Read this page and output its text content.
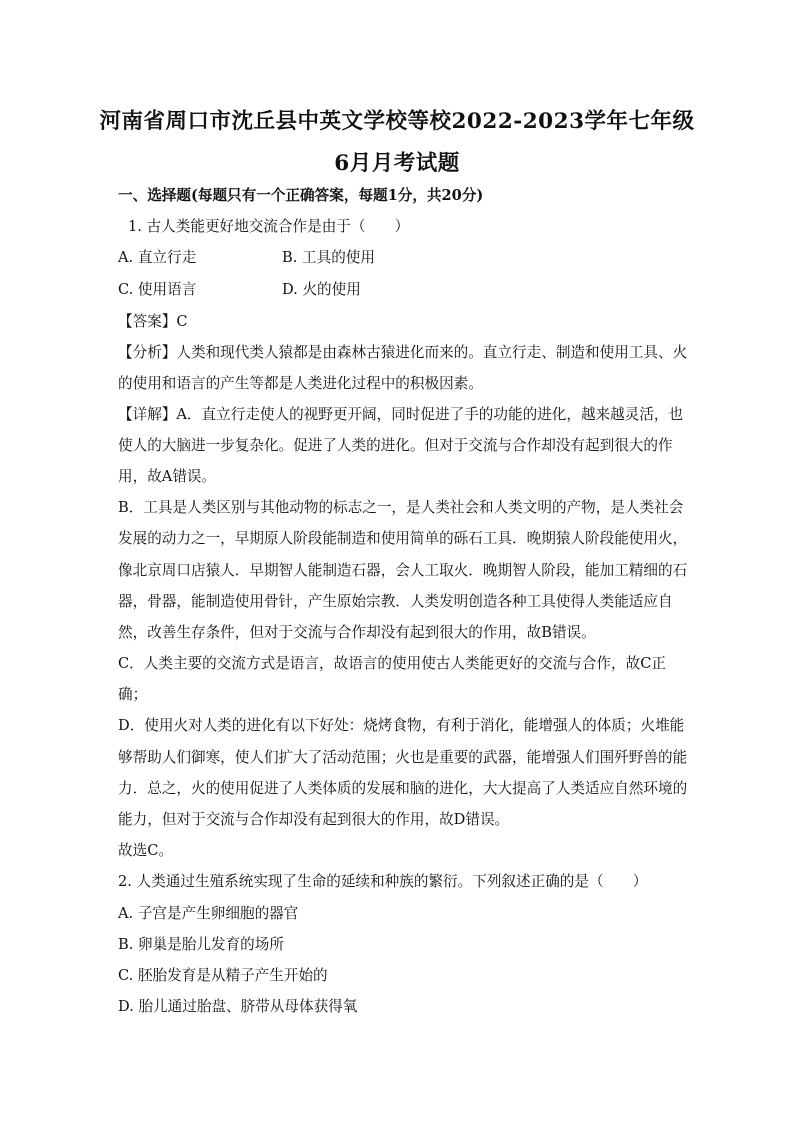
河南省周口市沈丘县中英文学校等校2022-2023学年七年级
6月月考试题
一、选择题(每题只有一个正确答案，每题1分，共20分)
1. 古人类能更好地交流合作是由于（　　）
A. 直立行走	B. 工具的使用
C. 使用语言	D. 火的使用
【答案】C
【分析】人类和现代类人猿都是由森林古猿进化而来的。直立行走、制造和使用工具、火
的使用和语言的产生等都是人类进化过程中的积极因素。
【详解】A．直立行走使人的视野更开阔，同时促进了手的功能的进化，越来越灵活，也
使人的大脑进一步复杂化。促进了人类的进化。但对于交流与合作却没有起到很大的作
用，故A错误。
B．工具是人类区别与其他动物的标志之一，是人类社会和人类文明的产物，是人类社会
发展的动力之一，早期原人阶段能制造和使用简单的砾石工具．晚期猿人阶段能使用火，
像北京周口店猿人．早期智人能制造石器，会人工取火．晚期智人阶段，能加工精细的石
器，骨器，能制造使用骨针，产生原始宗教．人类发明创造各种工具使得人类能适应自
然，改善生存条件，但对于交流与合作却没有起到很大的作用，故B错误。
C．人类主要的交流方式是语言，故语言的使用使古人类能更好的交流与合作，故C正
确；
D．使用火对人类的进化有以下好处：烧烤食物，有利于消化，能增强人的体质；火堆能
够帮助人们御寒，使人们扩大了活动范围；火也是重要的武器，能增强人们围歼野兽的能
力．总之，火的使用促进了人类体质的发展和脑的进化，大大提高了人类适应自然环境的
能力，但对于交流与合作却没有起到很大的作用，故D错误。
故选C。
2. 人类通过生殖系统实现了生命的延续和种族的繁衍。下列叙述正确的是（　　）
A. 子宫是产生卵细胞的器官
B. 卵巢是胎儿发育的场所
C. 胚胎发育是从精子产生开始的
D. 胎儿通过胎盘、脐带从母体获得氧
